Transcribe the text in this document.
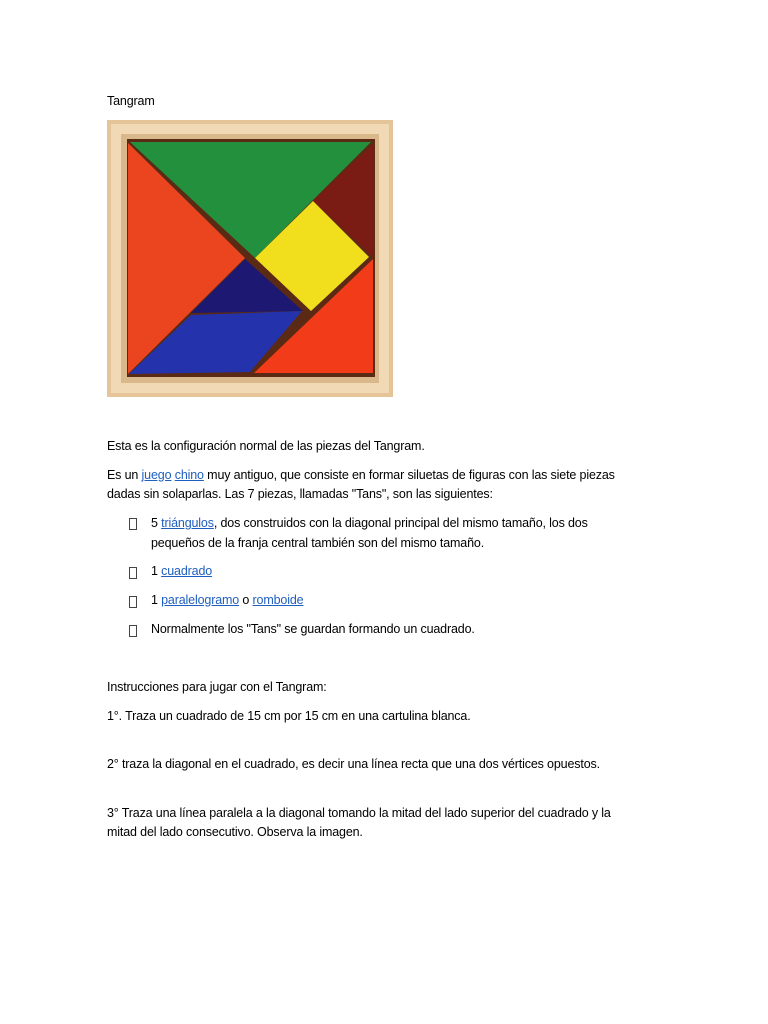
Tangram

Esta es la configuración normal de las piezas del Tangram.

Es un juego chino muy antiguo, que consiste en formar siluetas de figuras con las siete piezas

dadas sin solaparlas. Las 7 piezas, llamadas "Tans", son las siguientes:

5 triángulos, dos construidos con la diagonal principal del mismo tamaño, los dos

pequeños de la franja central también son del mismo tamaño.

1 cuadrado

1 paralelogramo o romboide

Normalmente los "Tans" se guardan formando un cuadrado.

Instrucciones para jugar con el Tangram:

1°. Traza un cuadrado de 15 cm por 15 cm en una cartulina blanca.

2° traza la diagonal en el cuadrado, es decir una línea recta que una dos vértices opuestos.

3° Traza una línea paralela a la diagonal tomando la mitad del lado superior del cuadrado y la

mitad del lado consecutivo. Observa la imagen.
